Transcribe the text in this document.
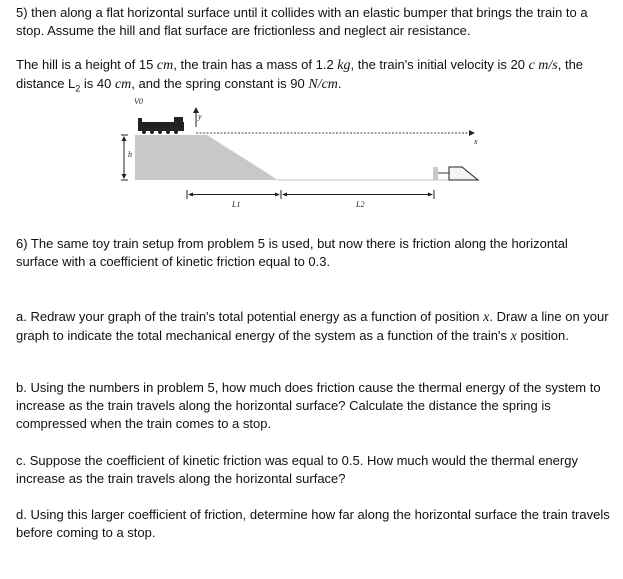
5) then along a flat horizontal surface until it collides with an elastic bumper that brings the train to a stop. Assume the hill and flat surface are frictionless and neglect air resistance.

The hill is a height of 15 cm, the train has a mass of 1.2 kg, the train's initial velocity is 20 c m/s, the distance $L_2$ is 40 cm, and the spring constant is 90 N/cm.

V0
y
x
h
L1	L2

6) The same toy train setup from problem 5 is used, but now there is friction along the horizontal surface with a coefficient of kinetic friction equal to 0.3.

a. Redraw your graph of the train's total potential energy as a function of position x. Draw a line on your graph to indicate the total mechanical energy of the system as a function of the train's x position.

b. Using the numbers in problem 5, how much does friction cause the thermal energy of the system to increase as the train travels along the horizontal surface? Calculate the distance the spring is compressed when the train comes to a stop.

c. Suppose the coefficient of kinetic friction was equal to 0.5. How much would the thermal energy increase as the train travels along the horizontal surface?

d. Using this larger coefficient of friction, determine how far along the horizontal surface the train travels before coming to a stop.
